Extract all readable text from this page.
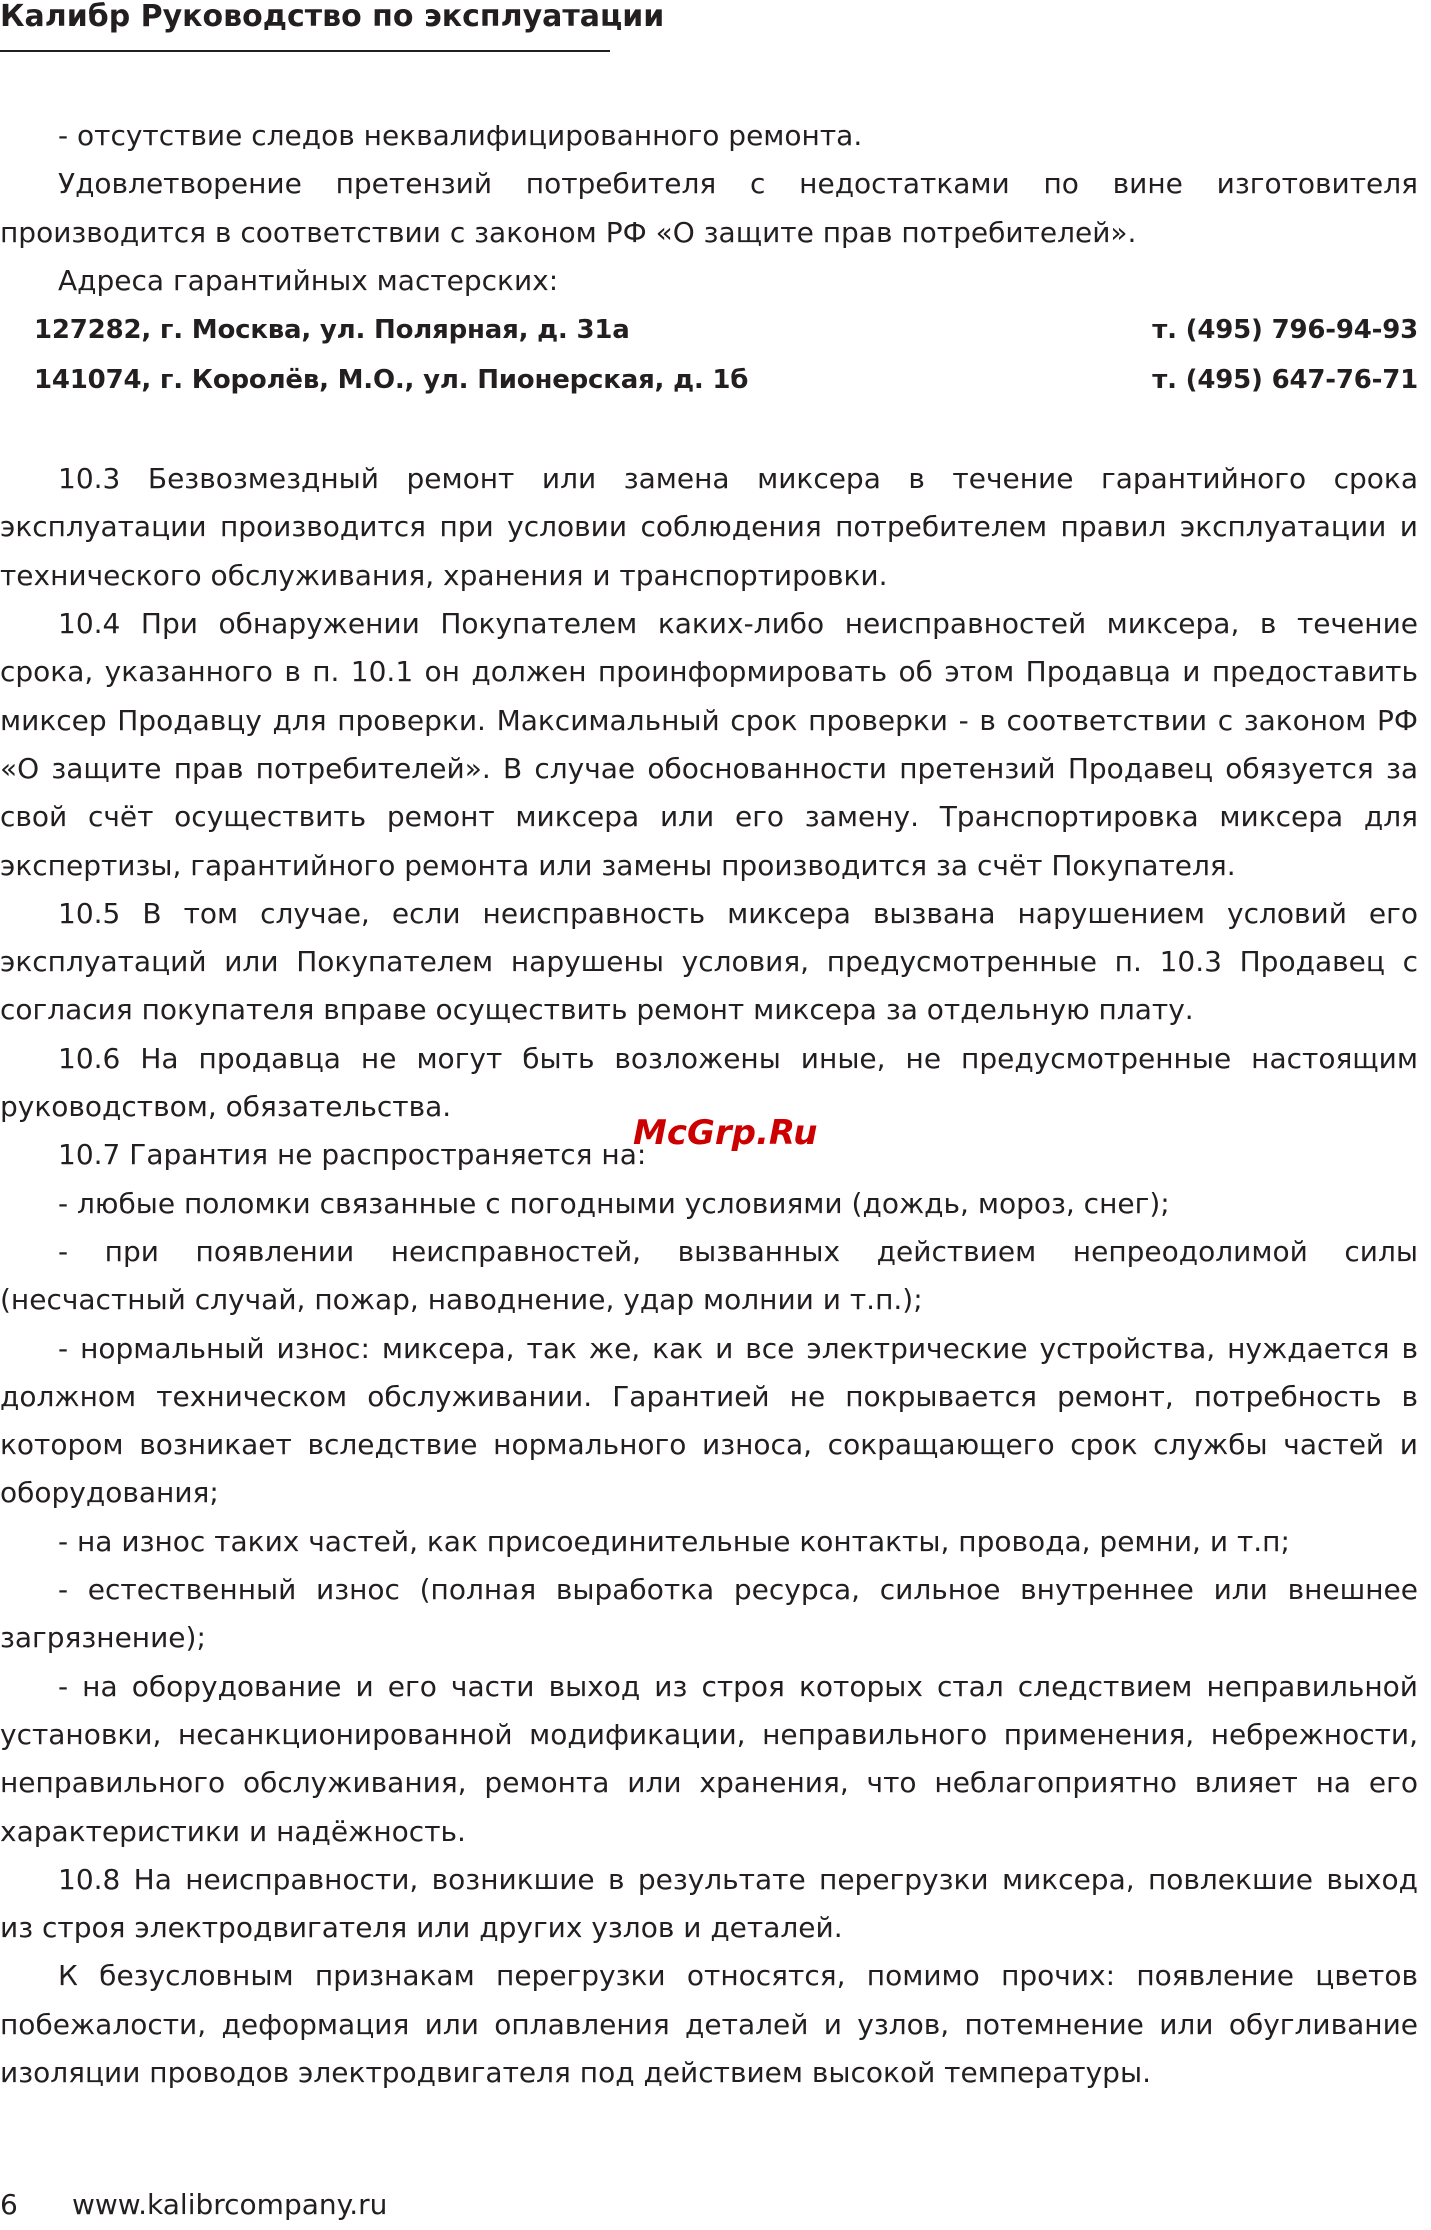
Калибр Руководство по эксплуатации

- отсутствие следов неквалифицированного ремонта.

Удовлетворение претензий потребителя с недостатками по вине изготовителя производится в соответствии с законом РФ «О защите прав потребителей».

Адреса гарантийных мастерских:

127282, г. Москва, ул. Полярная, д. 31а	т. (495) 796-94-93
141074, г. Королёв, М.О., ул. Пионерская, д. 1б	т. (495) 647-76-71

10.3 Безвозмездный ремонт или замена миксера в течение гарантийного срока эксплуатации производится при условии соблюдения потребителем правил эксплуатации и технического обслуживания, хранения и транспортировки.

10.4 При обнаружении Покупателем каких-либо неисправностей миксера, в течение срока, указанного в п. 10.1 он должен проинформировать об этом Продавца и предоставить миксер Продавцу для проверки. Максимальный срок проверки - в соответствии с законом РФ «О защите прав потребителей». В случае обоснованности претензий Продавец обязуется за свой счёт осуществить ремонт миксера или его замену. Транспортировка миксера для экспертизы, гарантийного ремонта или замены производится за счёт Покупателя.

10.5 В том случае, если неисправность миксера вызвана нарушением условий его эксплуатаций или Покупателем нарушены условия, предусмотренные п. 10.3 Продавец с согласия покупателя вправе осуществить ремонт миксера за отдельную плату.

10.6 На продавца не могут быть возложены иные, не предусмотренные настоящим руководством, обязательства.

10.7 Гарантия не распространяется на:

- любые поломки связанные с погодными условиями (дождь, мороз, снег);

- при появлении неисправностей, вызванных действием непреодолимой силы (несчастный случай, пожар, наводнение, удар молнии и т.п.);

- нормальный износ: миксера, так же, как и все электрические устройства, нуждается в должном техническом обслуживании. Гарантией не покрывается ремонт, потребность в котором возникает вследствие нормального износа, сокращающего срок службы частей и оборудования;

- на износ таких частей, как присоединительные контакты, провода, ремни, и т.п;

- естественный износ (полная выработка ресурса, сильное внутреннее или внешнее загрязнение);

- на оборудование и его части выход из строя которых стал следствием неправильной установки, несанкционированной модификации, неправильного применения, небрежности, неправильного обслуживания, ремонта или хранения, что неблагоприятно влияет на его характеристики и надёжность.

10.8 На неисправности, возникшие в результате перегрузки миксера, повлекшие выход из строя электродвигателя или других узлов и деталей.

К безусловным признакам перегрузки относятся, помимо прочих: появление цветов побежалости, деформация или оплавления деталей и узлов, потемнение или обугливание изоляции проводов электродвигателя под действием высокой температуры.

McGrp.Ru
6 www.kalibrcompany.ru
